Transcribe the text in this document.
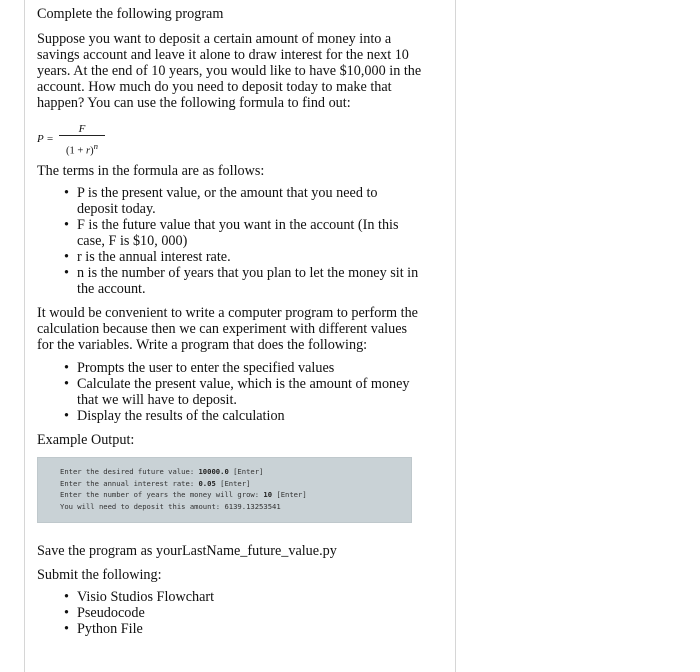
Complete the following program

Suppose you want to deposit a certain amount of money into a savings account and leave it alone to draw interest for the next 10 years. At the end of 10 years, you would like to have $10,000 in the account. How much do you need to deposit today to make that happen? You can use the following formula to find out:

P =
F
$(1 + r)^n$

The terms in the formula are as follows:

• P is the present value, or the amount that you need to deposit today.
• F is the future value that you want in the account (In this case, F is $10, 000)
• r is the annual interest rate.
• n is the number of years that you plan to let the money sit in the account.

It would be convenient to write a computer program to perform the calculation because then we can experiment with different values for the variables. Write a program that does the following:

• Prompts the user to enter the specified values
• Calculate the present value, which is the amount of money that we will have to deposit.
• Display the results of the calculation

Example Output:

Enter the desired future value: 10000.0 [Enter]
Enter the annual interest rate: 0.05 [Enter]
Enter the number of years the money will grow: 10 [Enter]
You will need to deposit this amount: 6139.13253541

Save the program as yourLastName_future_value.py

Submit the following:

• Visio Studios Flowchart
• Pseudocode
• Python File
